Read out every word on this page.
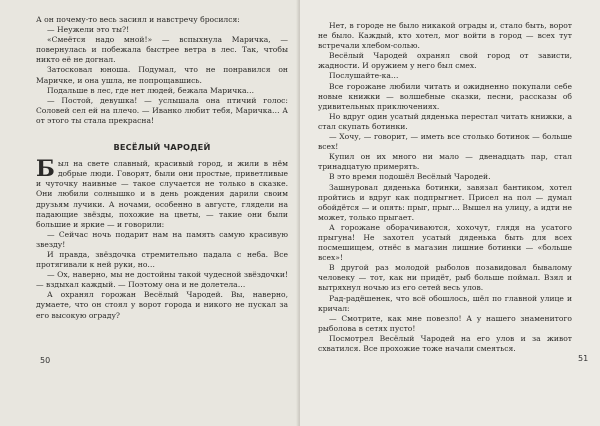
А он почему-то весь засиял и навстречу бросился:

— Неужели это ты?!

«Смеётся надо мной!» — вспыхнула Маричка, — повернулась и побежала быстрее ветра в лес. Так, чтобы никто её не догнал.

Затосковал юноша. Подумал, что не понравился он Маричке, и она ушла, не попрощавшись.

Подальше в лес, где нет людей, бежала Маричка…

— Постой, девушка! — услышала она птичий голос: Соловей сел ей на плечо. — Иванко любит тебя, Маричка… А от этого ты стала прекрасна!

ВЕСЁЛЫЙ ЧАРОДЕЙ

Был на свете славный, красивый город, и жили в нём добрые люди. Говорят, были они простые, приветливые и чуточку наивные — такое случается не только в сказке. Они любили солнышко и в день рождения дарили своим друзьям лучики. А ночами, особенно в августе, глядели на падающие звёзды, похожие на цветы, — такие они были большие и яркие — и говорили:

— Сейчас ночь подарит нам на память самую красивую звезду!

И правда, звёздочка стремительно падала с неба. Все протягивали к ней руки, но…

— Ох, наверно, мы не достойны такой чудесной звёздочки! — вздыхал каждый. — Поэтому она и не долетела…

А охранял горожан Весёлый Чародей. Вы, наверно, думаете, что он стоял у ворот города и никого не пускал за его высокую ограду?

50

Нет, в городе не было никакой ограды и, стало быть, ворот не было. Каждый, кто хотел, мог войти в город — всех тут встречали хлебом-солью.

Весёлый Чародей охранял свой город от зависти, жадности. И оружием у него был смех.

Послушайте-ка…

Все горожане любили читать и ожидненно покупали себе новые книжки — волшебные сказки, песни, рассказы об удивительных приключениях.

Но вдруг один усатый дяденька перестал читать книжки, а стал скупать ботинки.

— Хочу, — говорит, — иметь все столько ботинок — больше всех!

Купил он их много ни мало — двенадцать пар, стал тринадцатую примерять.

В это время подошёл Весёлый Чародей.

Зашнуровал дяденька ботинки, завязал бантиком, хотел пройтись и вдруг как подпрыгнет. Присел на пол — думал обойдётся — и опять: прыг, прыг… Вышел на улицу, а идти не может, только прыгает.

А горожане оборачиваются, хохочут, глядя на усатого прыгуна! Не захотел усатый дяденька быть для всех посмешищем, отнёс в магазин лишние ботинки — «больше всех»!

В другой раз молодой рыболов позавидовал бывалому человеку — тот, как ни придёт, рыб больше поймал. Взял и вытряхнул ночью из его сетей весь улов.

Рад-радёшенек, что всё обошлось, шёл по главной улице и кричал:

— Смотрите, как мне повезло! А у нашего знаменитого рыболова в сетях пусто!

Посмотрел Весёлый Чародей на его улов и за живот схватился. Все прохожие тоже начали смеяться.

51
